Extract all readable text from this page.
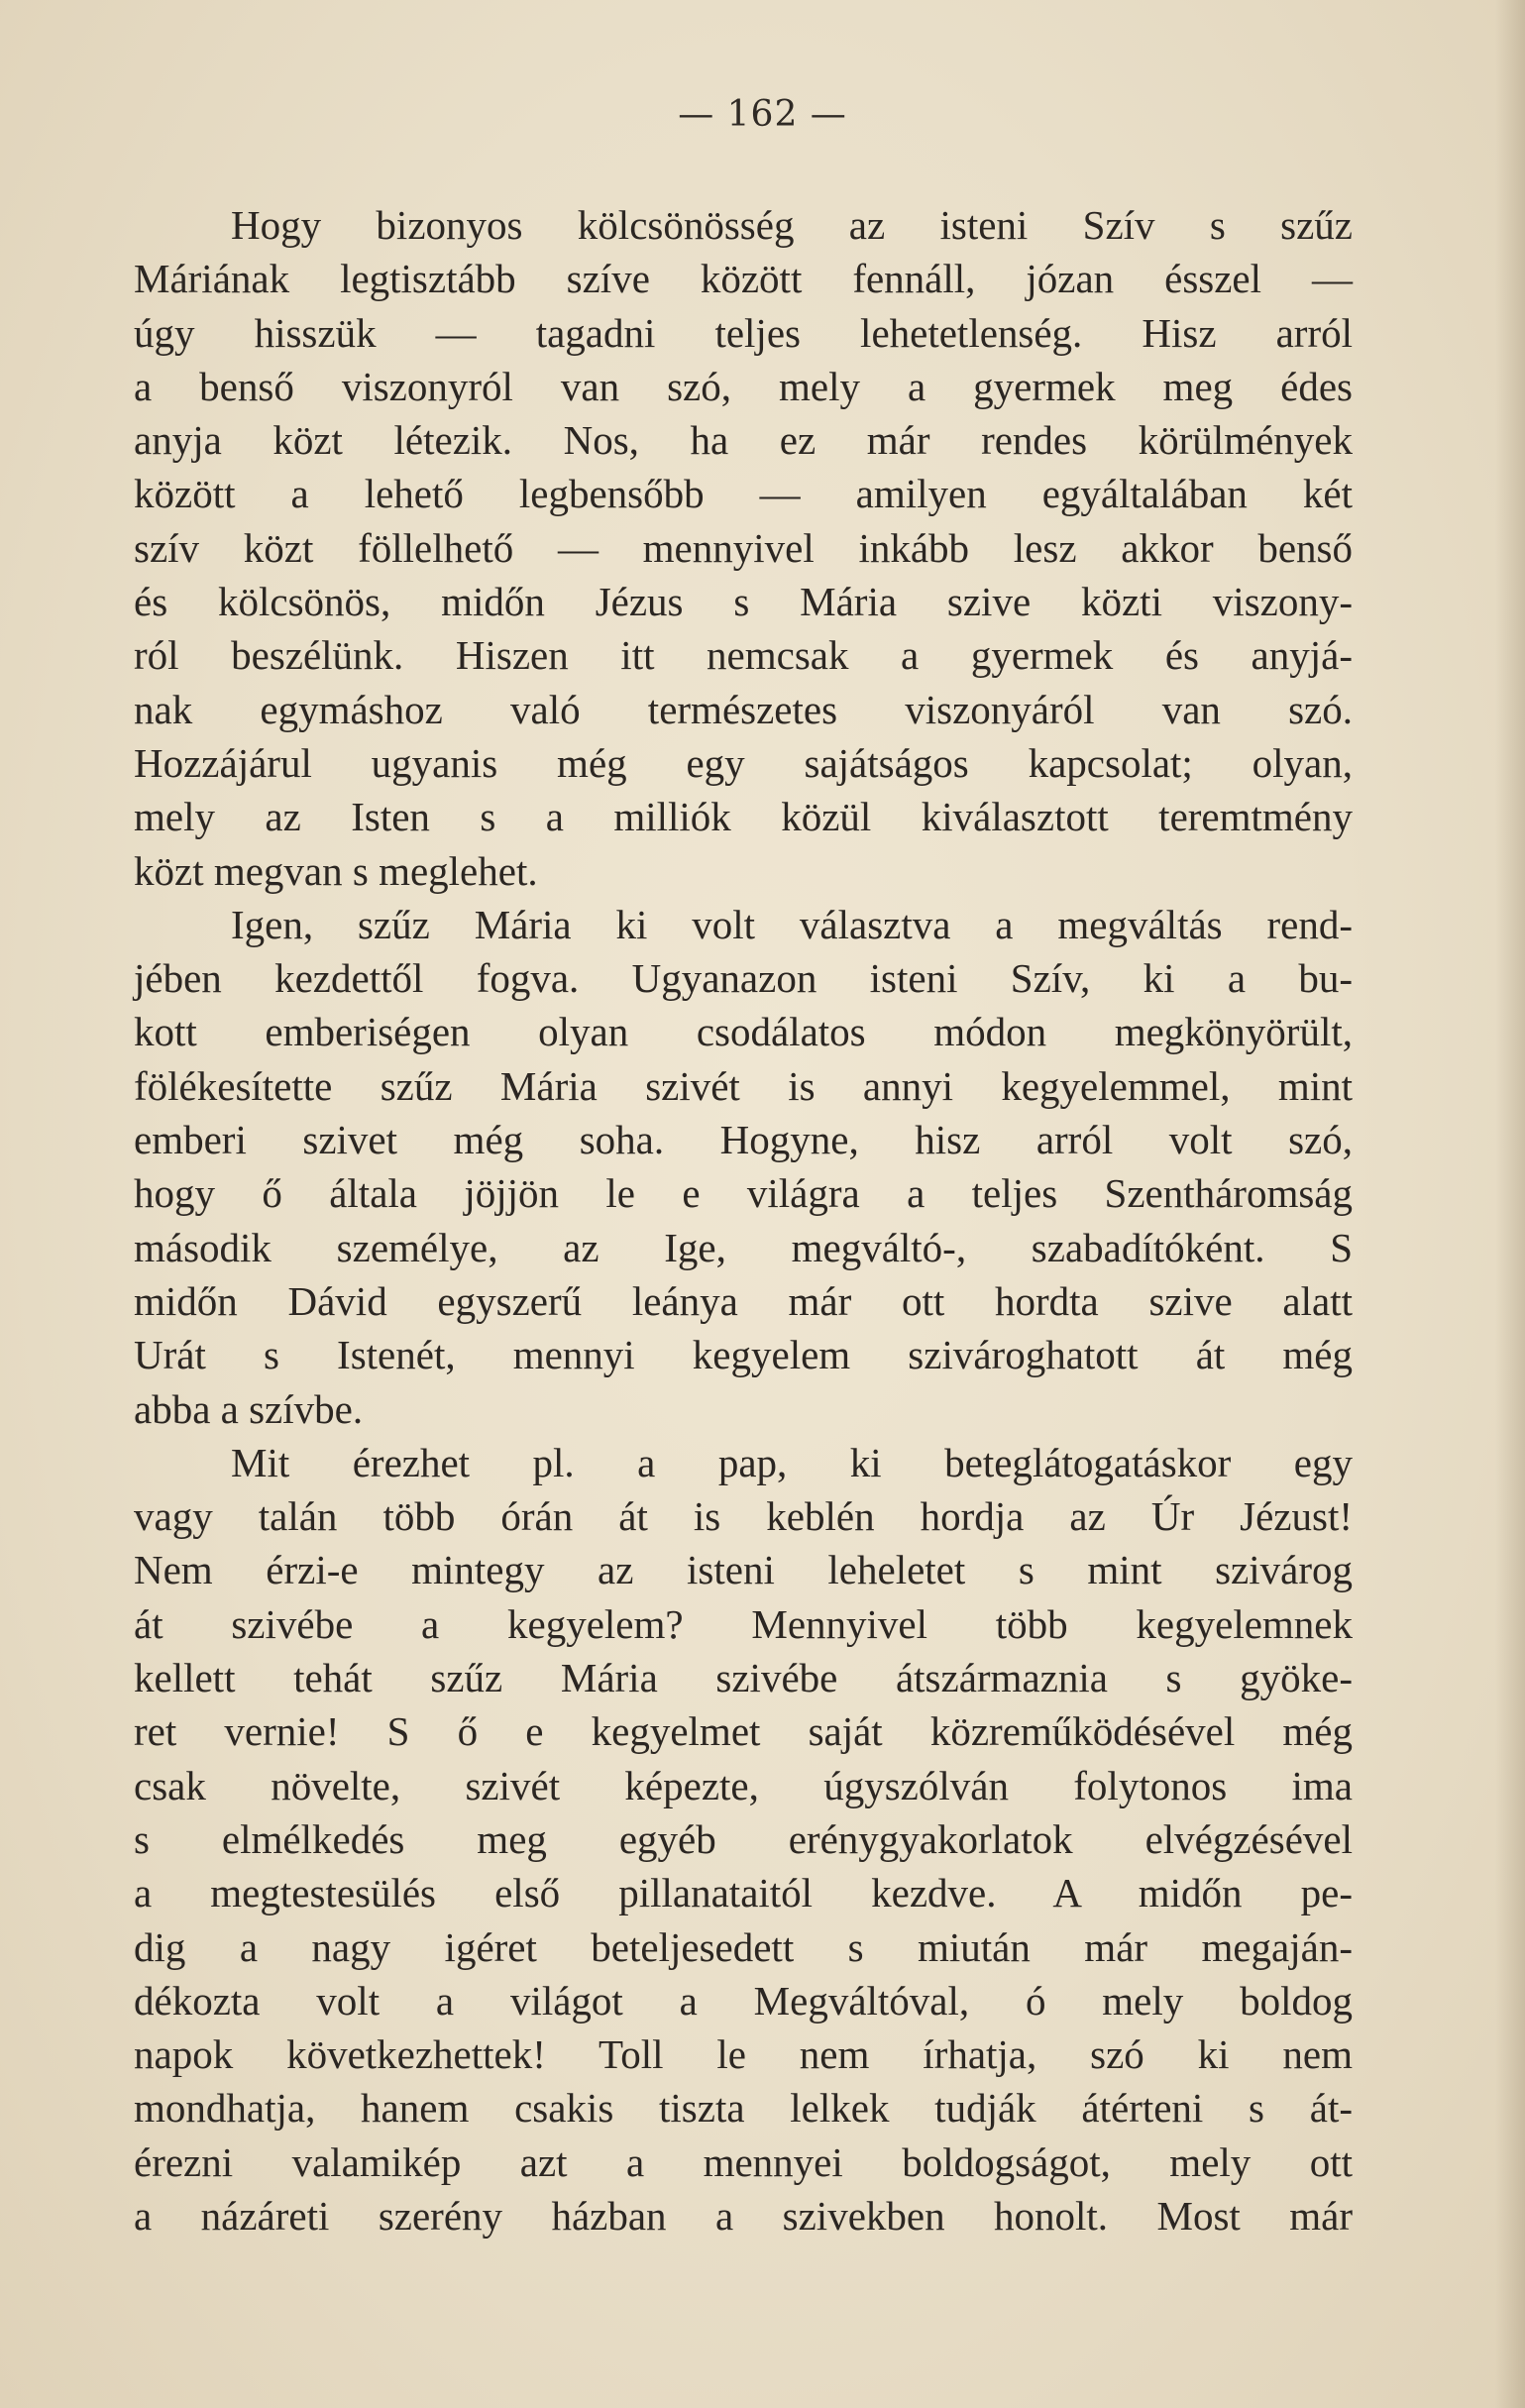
— 162 —
Hogy bizonyos kölcsönösség az isteni Szív s szűz
Máriának legtisztább szíve között fennáll, józan ésszel —
úgy hisszük — tagadni teljes lehetetlenség. Hisz arról
a benső viszonyról van szó, mely a gyermek meg édes
anyja közt létezik. Nos, ha ez már rendes körülmények
között a lehető legbensőbb — amilyen egyáltalában két
szív közt föllelhető — mennyivel inkább lesz akkor benső
és kölcsönös, midőn Jézus s Mária szive közti viszony-
ról beszélünk. Hiszen itt nemcsak a gyermek és anyjá-
nak egymáshoz való természetes viszonyáról van szó.
Hozzájárul ugyanis még egy sajátságos kapcsolat; olyan,
mely az Isten s a milliók közül kiválasztott teremtmény
közt megvan s meglehet.
Igen, szűz Mária ki volt választva a megváltás rend-
jében kezdettől fogva. Ugyanazon isteni Szív, ki a bu-
kott emberiségen olyan csodálatos módon megkönyörült,
fölékesítette szűz Mária szivét is annyi kegyelemmel, mint
emberi szivet még soha. Hogyne, hisz arról volt szó,
hogy ő általa jöjjön le e világra a teljes Szentháromság
második személye, az Ige, megváltó-, szabadítóként. S
midőn Dávid egyszerű leánya már ott hordta szive alatt
Urát s Istenét, mennyi kegyelem szivároghatott át még
abba a szívbe.
Mit érezhet pl. a pap, ki beteglátogatáskor egy
vagy talán több órán át is keblén hordja az Úr Jézust!
Nem érzi-e mintegy az isteni leheletet s mint szivárog
át szivébe a kegyelem? Mennyivel több kegyelemnek
kellett tehát szűz Mária szivébe átszármaznia s gyöke-
ret vernie! S ő e kegyelmet saját közreműködésével még
csak növelte, szivét képezte, úgyszólván folytonos ima
s elmélkedés meg egyéb erénygyakorlatok elvégzésével
a megtestesülés első pillanataitól kezdve. A midőn pe-
dig a nagy igéret beteljesedett s miután már megaján-
dékozta volt a világot a Megváltóval, ó mely boldog
napok következhettek! Toll le nem írhatja, szó ki nem
mondhatja, hanem csakis tiszta lelkek tudják átérteni s át-
érezni valamikép azt a mennyei boldogságot, mely ott
a názáreti szerény házban a szivekben honolt. Most már
